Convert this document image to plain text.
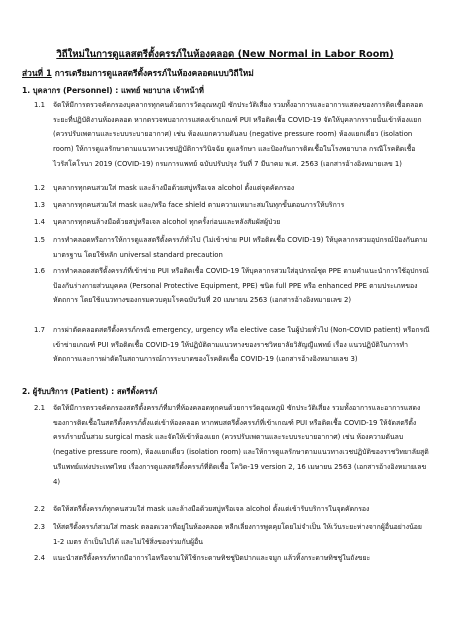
วิถีใหม่ในการดูแลสตรีตั้งครรภ์ในห้องคลอด (New Normal in Labor Room)
ส่วนที่ 1 การเตรียมการดูแลสตรีตั้งครรภ์ในห้องคลอดแบบวิถีใหม่
1. บุคลากร (Personnel) : แพทย์ พยาบาล เจ้าหน้าที่
1.1	จัดให้มีการตรวจคัดกรองบุคลากรทุกคนด้วยการวัดอุณหภูมิ ซักประวัติเสี่ยง รวมทั้งอาการและอาการแสดงของการติดเชื้อตลอดระยะที่ปฏิบัติงานห้องคลอด หากตรวจพบอาการแสดงเข้าเกณฑ์ PUI หรือติดเชื้อ COVID-19 จัดให้บุคลากรรายนั้นเข้าห้องแยก (ควรปรับเพดานและระบบระบายอากาศ) เช่น ห้องแยกความดันลบ (negative pressure room) ห้องแยกเดี่ยว (isolation room) ให้การดูแลรักษาตามแนวทางเวชปฏิบัติการวินิจฉัย ดูแลรักษา และป้องกันการติดเชื้อในโรงพยาบาล กรณีโรคติดเชื้อไวรัสโคโรนา 2019 (COVID-19) กรมการแพทย์ ฉบับปรับปรุง วันที่ 7 มีนาคม พ.ศ. 2563 (เอกสารอ้างอิงหมายเลข 1)
1.2	บุคลากรทุกคนสวมใส่ mask และล้างมือด้วยสบู่หรือเจล alcohol ตั้งแต่จุดคัดกรอง
1.3	บุคลากรทุกคนสวมใส่ mask และ/หรือ face shield ตามความเหมาะสมในทุกขั้นตอนการให้บริการ
1.4	บุคลากรทุกคนล้างมือด้วยสบู่หรือเจล alcohol ทุกครั้งก่อนและหลังสัมผัสผู้ป่วย
1.5	การทำคลอดหรือการให้การดูแลสตรีตั้งครรภ์ทั่วไป (ไม่เข้าข่าย PUI หรือติดเชื้อ COVID-19) ให้บุคลากรสวมอุปกรณ์ป้องกันตามมาตรฐาน โดยใช้หลัก universal standard precaution
1.6	การทำคลอดสตรีตั้งครรภ์ที่เข้าข่าย PUI หรือติดเชื้อ COVID-19 ให้บุคลากรสวมใส่อุปกรณ์ชุด PPE ตามคำแนะนำการใช้อุปกรณ์ป้องกันร่างกายส่วนบุคคล (Personal Protective Equipment, PPE) ชนิด full PPE หรือ enhanced PPE ตามประเภทของหัตถการ โดยใช้แนวทางของกรมควบคุมโรคฉบับวันที่ 20 เมษายน 2563 (เอกสารอ้างอิงหมายเลข 2)
1.7	การผ่าตัดคลอดสตรีตั้งครรภ์กรณี emergency, urgency หรือ elective case ในผู้ป่วยทั่วไป (Non-COVID patient) หรือกรณีเข้าข่ายเกณฑ์ PUI หรือติดเชื้อ COVID-19 ให้ปฏิบัติตามแนวทางของราชวิทยาลัยวิสัญญีแพทย์ เรื่อง แนวปฏิบัติในการทำหัตถการและการผ่าตัดในสถานการณ์การระบาดของโรคติดเชื้อ COVID-19 (เอกสารอ้างอิงหมายเลข 3)
2. ผู้รับบริการ (Patient) : สตรีตั้งครรภ์
2.1	จัดให้มีการตรวจคัดกรองสตรีตั้งครรภ์ที่มาที่ห้องคลอดทุกคนด้วยการวัดอุณหภูมิ ซักประวัติเสี่ยง รวมทั้งอาการและอาการแสดงของการติดเชื้อในสตรีตั้งครรภ์ตั้งแต่เข้าห้องคลอด หากพบสตรีตั้งครรภ์ที่เข้าเกณฑ์ PUI หรือติดเชื้อ COVID-19 ให้จัดสตรีตั้งครรภ์รายนั้นสวม surgical mask และจัดให้เข้าห้องแยก (ควรปรับเพดานและระบบระบายอากาศ) เช่น ห้องความดันลบ (negative pressure room), ห้องแยกเดี่ยว (isolation room) และให้การดูแลรักษาตามแนวทางเวชปฏิบัติของราชวิทยาลัยสูตินรีแพทย์แห่งประเทศไทย เรื่องการดูแลสตรีตั้งครรภ์ที่ติดเชื้อ โควิด-19 version 2, 16 เมษายน 2563 (เอกสารอ้างอิงหมายเลข 4)
2.2	จัดให้สตรีตั้งครรภ์ทุกคนสวมใส่ mask และล้างมือด้วยสบู่หรือเจล alcohol ตั้งแต่เข้ารับบริการในจุดคัดกรอง
2.3	ให้สตรีตั้งครรภ์สวมใส่ mask ตลอดเวลาที่อยู่ในห้องคลอด หลีกเลี่ยงการพูดคุยโดยไม่จำเป็น ให้เว้นระยะห่างจากผู้อื่นอย่างน้อย 1-2 เมตร ถ้าเป็นไปได้ และไม่ใช้สิ่งของร่วมกับผู้อื่น
2.4	แนะนำสตรีตั้งครรภ์หากมีอาการไอหรือจามให้ใช้กระดาษทิชชู่ปิดปากและจมูก แล้วทิ้งกระดาษทิชชู่ในถังขยะ
